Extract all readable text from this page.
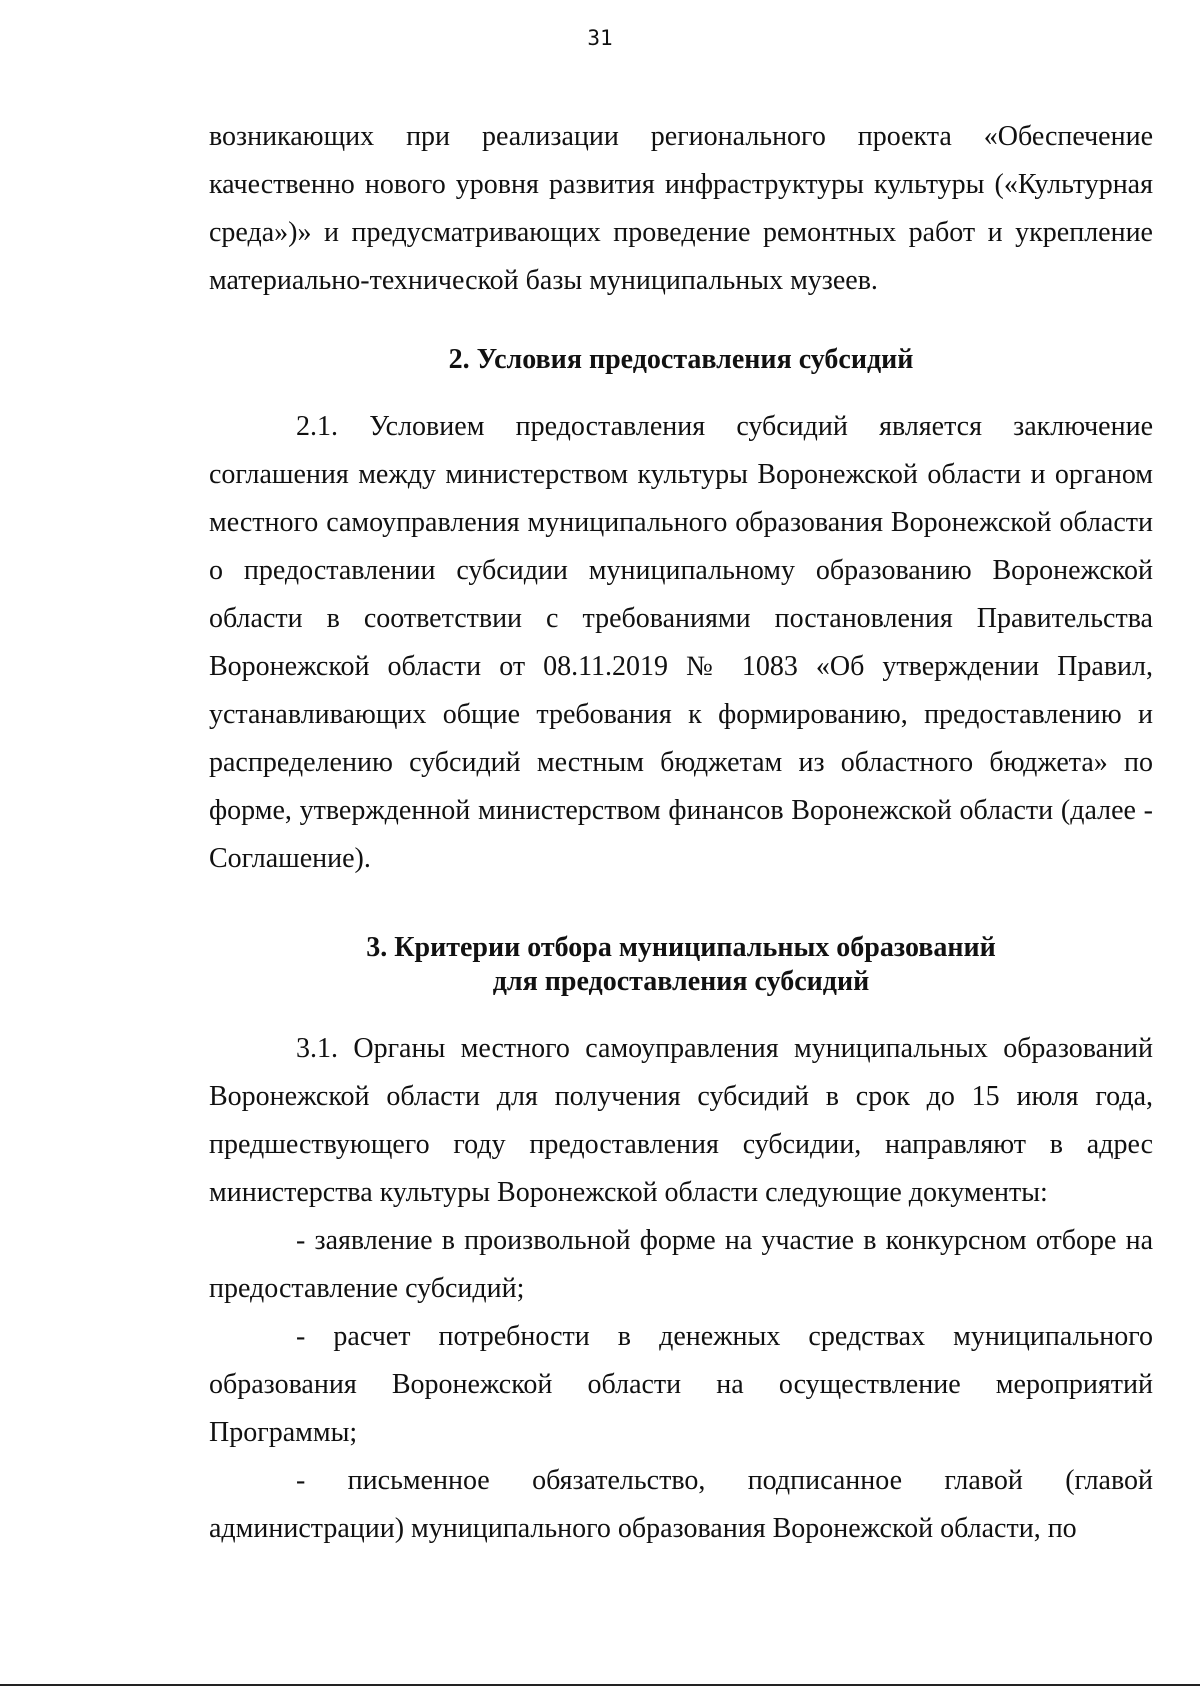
31

возникающих при реализации регионального проекта «Обеспечение качественно нового уровня развития инфраструктуры культуры («Культурная среда»)» и предусматривающих проведение ремонтных работ и укрепление материально-технической базы муниципальных музеев.

2. Условия предоставления субсидий

2.1. Условием предоставления субсидий является заключение соглашения между министерством культуры Воронежской области и органом местного самоуправления муниципального образования Воронежской области о предоставлении субсидии муниципальному образованию Воронежской области в соответствии с требованиями постановления Правительства Воронежской области от 08.11.2019 № 1083 «Об утверждении Правил, устанавливающих общие требования к формированию, предоставлению и распределению субсидий местным бюджетам из областного бюджета» по форме, утвержденной министерством финансов Воронежской области (далее - Соглашение).

3. Критерии отбора муниципальных образований
для предоставления субсидий

3.1. Органы местного самоуправления муниципальных образований Воронежской области для получения субсидий в срок до 15 июля года, предшествующего году предоставления субсидии, направляют в адрес министерства культуры Воронежской области следующие документы:

- заявление в произвольной форме на участие в конкурсном отборе на предоставление субсидий;

- расчет потребности в денежных средствах муниципального образования Воронежской области на осуществление мероприятий Программы;

- письменное обязательство, подписанное главой (главой администрации) муниципального образования Воронежской области, по
